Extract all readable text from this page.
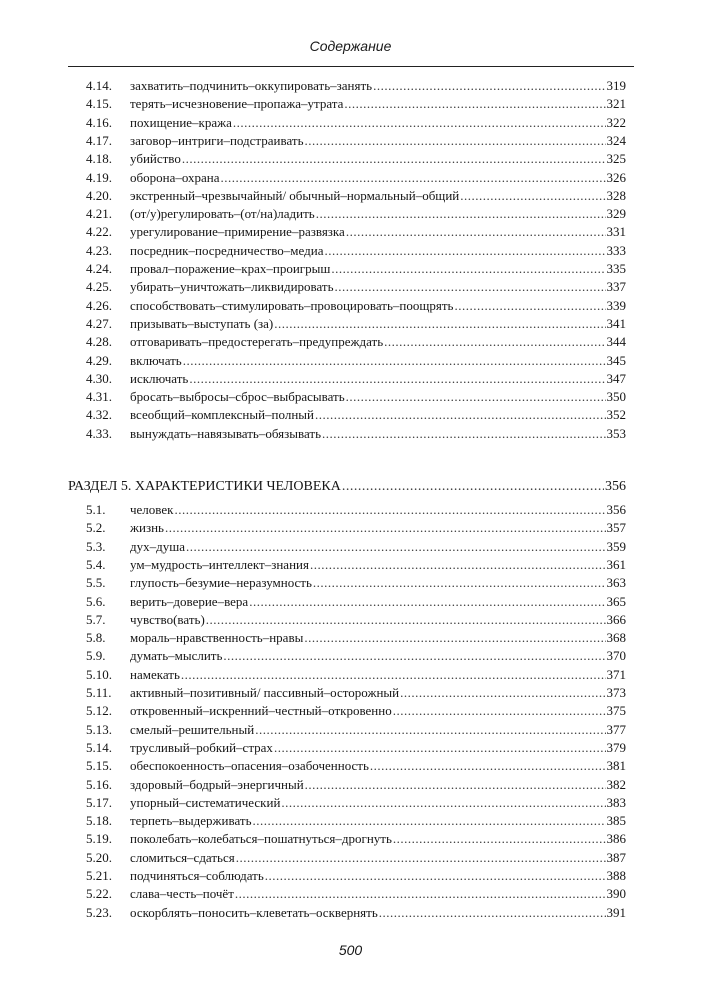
Содержание
4.14.	захватить–подчинить–оккупировать–занять .....	319
4.15.	терять–исчезновение–пропажа–утрата .....	321
4.16.	похищение–кража .....	322
4.17.	заговор–интриги–подстраивать .....	324
4.18.	убийство .....	325
4.19.	оборона–охрана .....	326
4.20.	экстренный–чрезвычайный/ обычный–нормальный–общий .....	328
4.21.	(от/у)регулировать–(от/на)ладить .....	329
4.22.	урегулирование–примирение–развязка .....	331
4.23.	посредник–посредничество–медиа .....	333
4.24.	провал–поражение–крах–проигрыш .....	335
4.25.	убирать–уничтожать–ликвидировать .....	337
4.26.	способствовать–стимулировать–провоцировать–поощрять .....	339
4.27.	призывать–выступать (за) .....	341
4.28.	отговаривать–предостерегать–предупреждать .....	344
4.29.	включать .....	345
4.30.	исключать .....	347
4.31.	бросать–выбросы–сброс–выбрасывать .....	350
4.32.	всеобщий–комплексный–полный .....	352
4.33.	вынуждать–навязывать–обязывать .....	353
РАЗДЕЛ 5. ХАРАКТЕРИСТИКИ ЧЕЛОВЕКА .....	356
5.1.	человек .....	356
5.2.	жизнь .....	357
5.3.	дух–душа .....	359
5.4.	ум–мудрость–интеллект–знания .....	361
5.5.	глупость–безумие–неразумность .....	363
5.6.	верить–доверие–вера .....	365
5.7.	чувство(вать) .....	366
5.8.	мораль–нравственность–нравы .....	368
5.9.	думать–мыслить .....	370
5.10.	намекать .....	371
5.11.	активный–позитивный/ пассивный–осторожный .....	373
5.12.	откровенный–искренний–честный–откровенно .....	375
5.13.	смелый–решительный .....	377
5.14.	трусливый–робкий–страх .....	379
5.15.	обеспокоенность–опасения–озабоченность .....	381
5.16.	здоровый–бодрый–энергичный .....	382
5.17.	упорный–систематический .....	383
5.18.	терпеть–выдерживать .....	385
5.19.	поколебать–колебаться–пошатнуться–дрогнуть .....	386
5.20.	сломиться–сдаться .....	387
5.21.	подчиняться–соблюдать .....	388
5.22.	слава–честь–почёт .....	390
5.23.	оскорблять–поносить–клеветать–осквернять .....	391
500
